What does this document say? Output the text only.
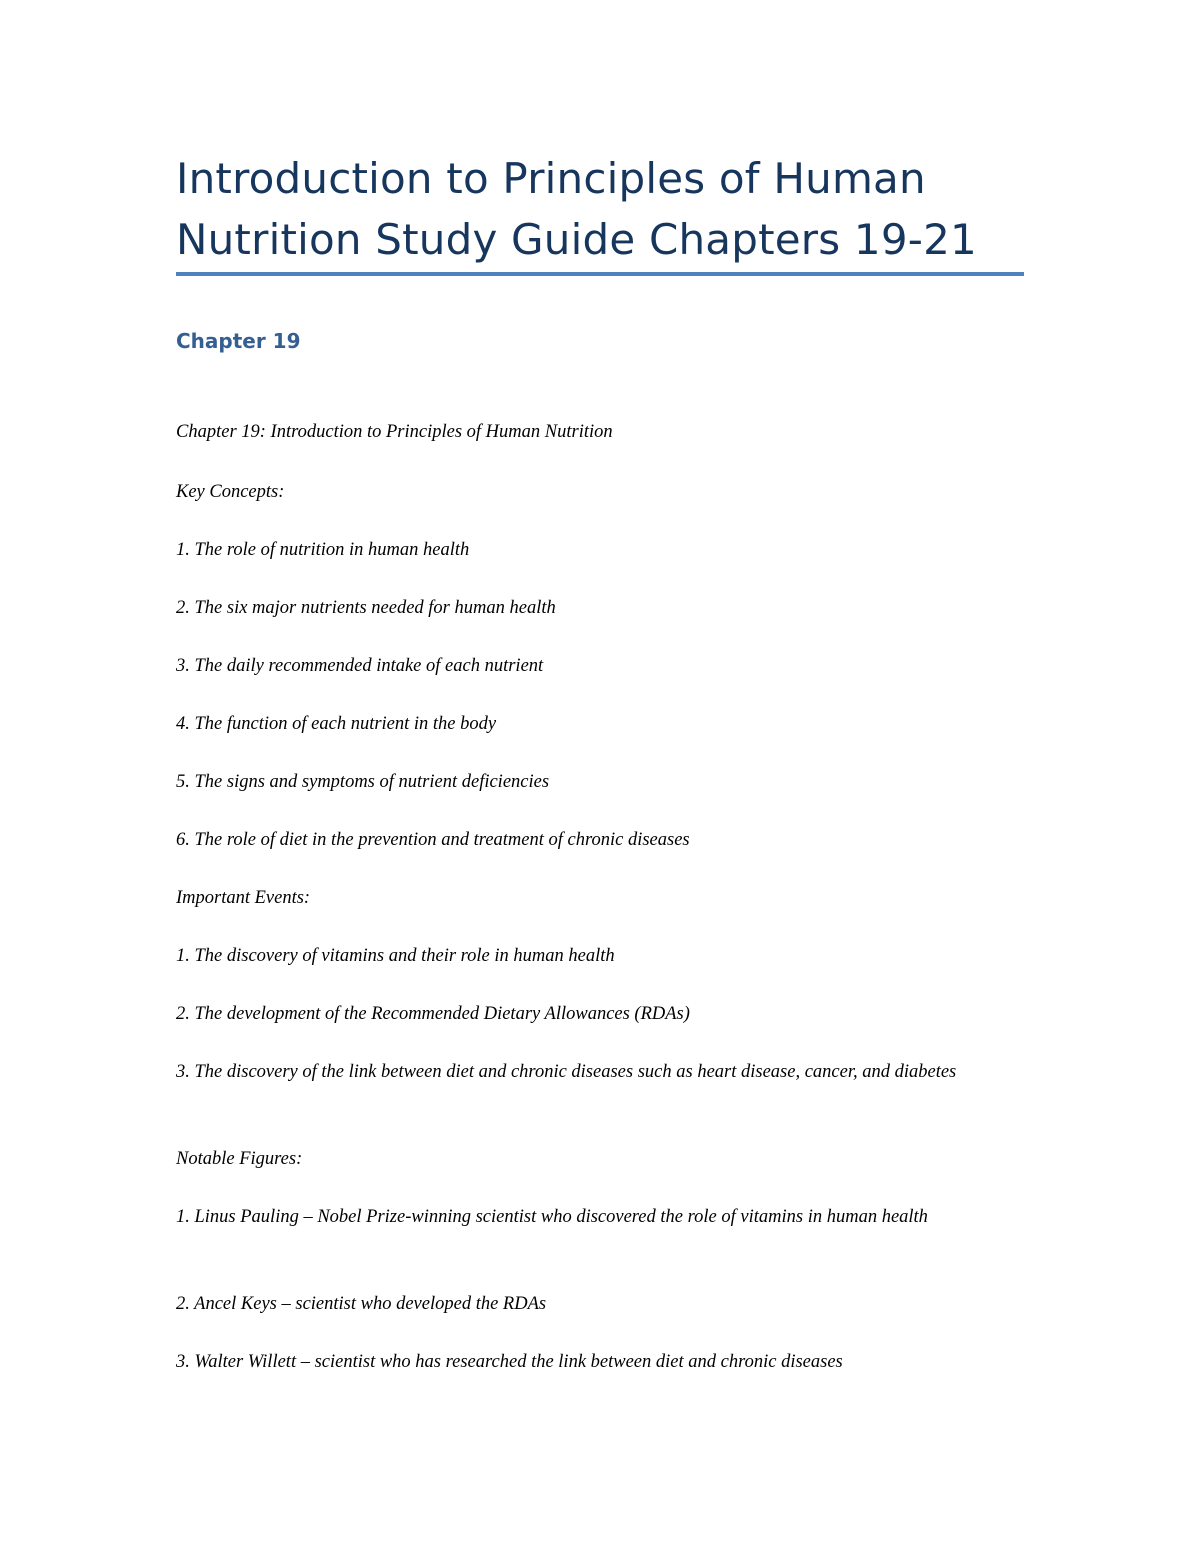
Introduction to Principles of Human
Nutrition Study Guide Chapters 19-21
Chapter 19

Chapter 19: Introduction to Principles of Human Nutrition

Key Concepts:

1. The role of nutrition in human health

2. The six major nutrients needed for human health

3. The daily recommended intake of each nutrient

4. The function of each nutrient in the body

5. The signs and symptoms of nutrient deficiencies

6. The role of diet in the prevention and treatment of chronic diseases

Important Events:

1. The discovery of vitamins and their role in human health

2. The development of the Recommended Dietary Allowances (RDAs)

3. The discovery of the link between diet and chronic diseases such as heart disease, cancer, and diabetes

Notable Figures:

1. Linus Pauling – Nobel Prize-winning scientist who discovered the role of vitamins in human health

2. Ancel Keys – scientist who developed the RDAs

3. Walter Willett – scientist who has researched the link between diet and chronic diseases
